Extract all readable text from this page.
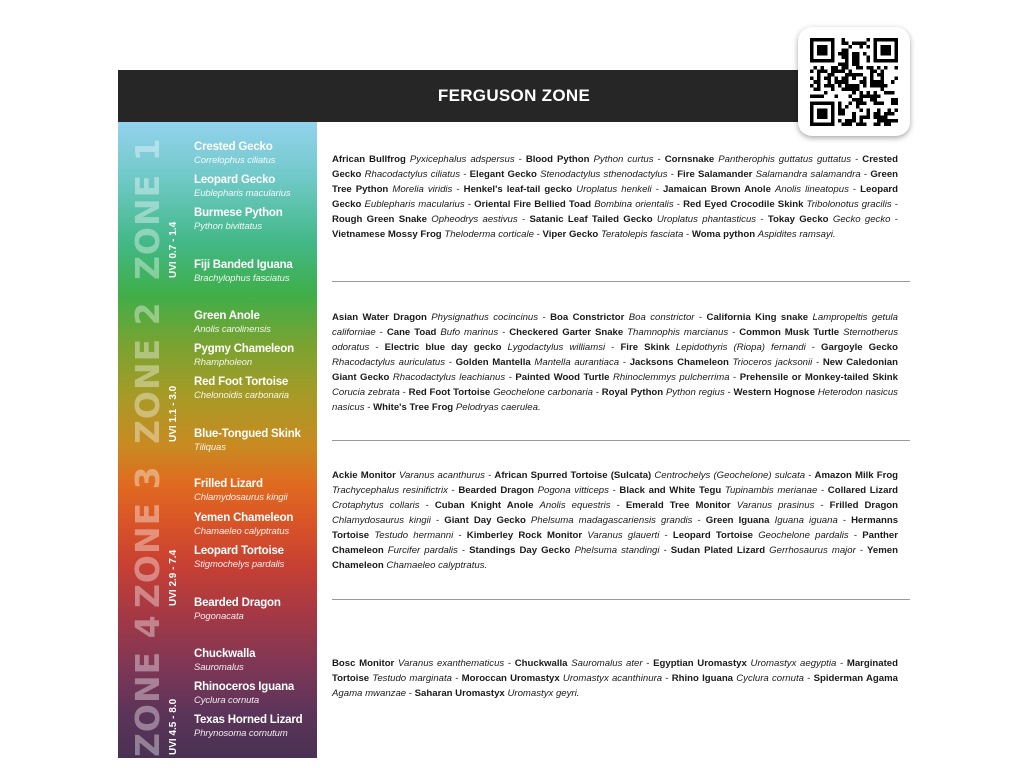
FERGUSON ZONE
ZONE 1 UVI 0.7 - 1.4
Crested Gecko
Correlophus ciliatus
Leopard Gecko
Eublepharis macularius
Burmese Python
Python bivittatus
Fiji Banded Iguana
Brachylophus fasciatus
ZONE 2 UVI 1.1 - 3.0
Green Anole
Anolis carolinensis
Pygmy Chameleon
Rhampholeon
Red Foot Tortoise
Chelonoidis carbonaria
Blue-Tongued Skink
Tiliquas
ZONE 3 UVI 2.9 - 7.4
Frilled Lizard
Chlamydosaurus kingii
Yemen Chameleon
Chamaeleo calyptratus
Leopard Tortoise
Stigmochelys pardalis
Bearded Dragon
Pogonacata
ZONE 4 UVI 4.5 - 8.0
Chuckwalla
Sauromalus
Rhinoceros Iguana
Cyclura cornuta
Texas Horned Lizard
Phrynosoma cornutum
African Bullfrog Pyxicephalus adspersus - Blood Python Python curtus - Cornsnake Pantherophis guttatus guttatus - Crested Gecko Rhacodactylus ciliatus - Elegant Gecko Stenodactylus sthenodactylus - Fire Salamander Salamandra salamandra - Green Tree Python Morelia viridis - Henkel's leaf-tail gecko Uroplatus henkeli - Jamaican Brown Anole Anolis lineatopus - Leopard Gecko Eublepharis macularius - Oriental Fire Bellied Toad Bombina orientalis - Red Eyed Crocodile Skink Tribolonotus gracilis - Rough Green Snake Opheodrys aestivus - Satanic Leaf Tailed Gecko Uroplatus phantasticus - Tokay Gecko Gecko gecko - Vietnamese Mossy Frog Theloderma corticale - Viper Gecko Teratolepis fasciata - Woma python Aspidites ramsayi.
Asian Water Dragon Physignathus cocincinus - Boa Constrictor Boa constrictor - California King snake Lampropeltis getula californiae - Cane Toad Bufo marinus - Checkered Garter Snake Thamnophis marcianus - Common Musk Turtle Sternotherus odoratus - Electric blue day gecko Lygodactylus williamsi - Fire Skink Lepidothyris (Riopa) fernandi - Gargoyle Gecko Rhacodactylus auriculatus - Golden Mantella Mantella aurantiaca - Jacksons Chameleon Trioceros jacksonii - New Caledonian Giant Gecko Rhacodactylus leachianus - Painted Wood Turtle Rhinoclemmys pulcherrima - Prehensile or Monkey-tailed Skink Corucia zebrata - Red Foot Tortoise Geochelone carbonaria - Royal Python Python regius - Western Hognose Heterodon nasicus nasicus - White's Tree Frog Pelodryas caerulea.
Ackie Monitor Varanus acanthurus - African Spurred Tortoise (Sulcata) Centrochelys (Geochelone) sulcata - Amazon Milk Frog Trachycephalus resinifictrix - Bearded Dragon Pogona vitticeps - Black and White Tegu Tupinambis merianae - Collared Lizard Crotaphytus collaris - Cuban Knight Anole Anolis equestris - Emerald Tree Monitor Varanus prasinus - Frilled Dragon Chlamydosaurus kingii - Giant Day Gecko Phelsuma madagascariensis grandis - Green Iguana Iguana iguana - Hermanns Tortoise Testudo hermanni - Kimberley Rock Monitor Varanus glauerti - Leopard Tortoise Geochelone pardalis - Panther Chameleon Furcifer pardalis - Standings Day Gecko Phelsuma standingi - Sudan Plated Lizard Gerrhosaurus major - Yemen Chameleon Chamaeleo calyptratus.
Bosc Monitor Varanus exanthematicus - Chuckwalla Sauromalus ater - Egyptian Uromastyx Uromastyx aegyptia - Marginated Tortoise Testudo marginata - Moroccan Uromastyx Uromastyx acanthinura - Rhino Iguana Cyclura cornuta - Spiderman Agama Agama mwanzae - Saharan Uromastyx Uromastyx geyri.
